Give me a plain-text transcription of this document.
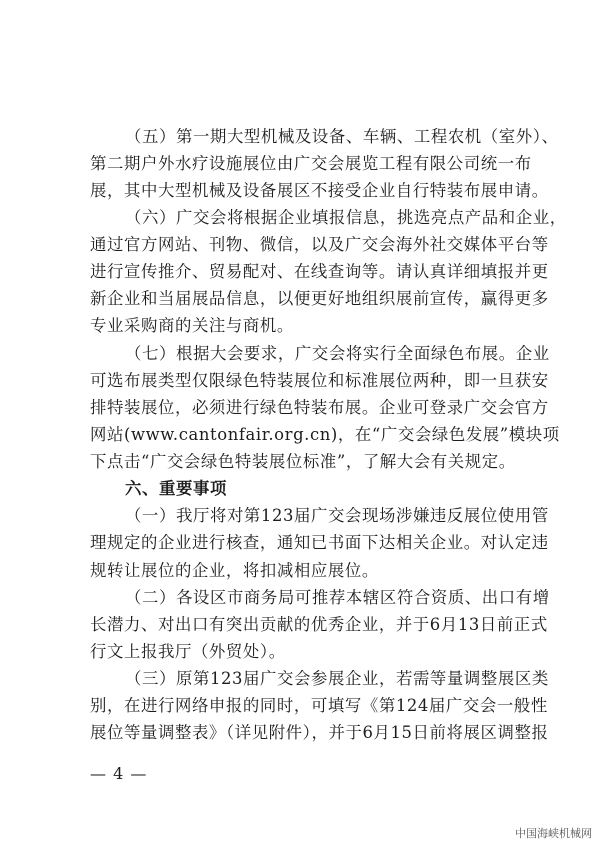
（五）第一期大型机械及设备、车辆、工程农机（室外）、
第二期户外水疗设施展位由广交会展览工程有限公司统一布
展，其中大型机械及设备展区不接受企业自行特装布展申请。
（六）广交会将根据企业填报信息，挑选亮点产品和企业，
通过官方网站、刊物、微信，以及广交会海外社交媒体平台等
进行宣传推介、贸易配对、在线查询等。请认真详细填报并更
新企业和当届展品信息，以便更好地组织展前宣传，赢得更多
专业采购商的关注与商机。
（七）根据大会要求，广交会将实行全面绿色布展。企业
可选布展类型仅限绿色特装展位和标准展位两种，即一旦获安
排特装展位，必须进行绿色特装布展。企业可登录广交会官方
网站(www.cantonfair.org.cn)，在“广交会绿色发展”模块项
下点击“广交会绿色特装展位标准”，了解大会有关规定。
六、重要事项
（一）我厅将对第123届广交会现场涉嫌违反展位使用管
理规定的企业进行核查，通知已书面下达相关企业。对认定违
规转让展位的企业，将扣减相应展位。
（二）各设区市商务局可推荐本辖区符合资质、出口有增
长潜力、对出口有突出贡献的优秀企业，并于6月13日前正式
行文上报我厅（外贸处）。
（三）原第123届广交会参展企业，若需等量调整展区类
别，在进行网络申报的同时，可填写《第124届广交会一般性
展位等量调整表》（详见附件），并于6月15日前将展区调整报
— 4 —
中国海峡机械网
